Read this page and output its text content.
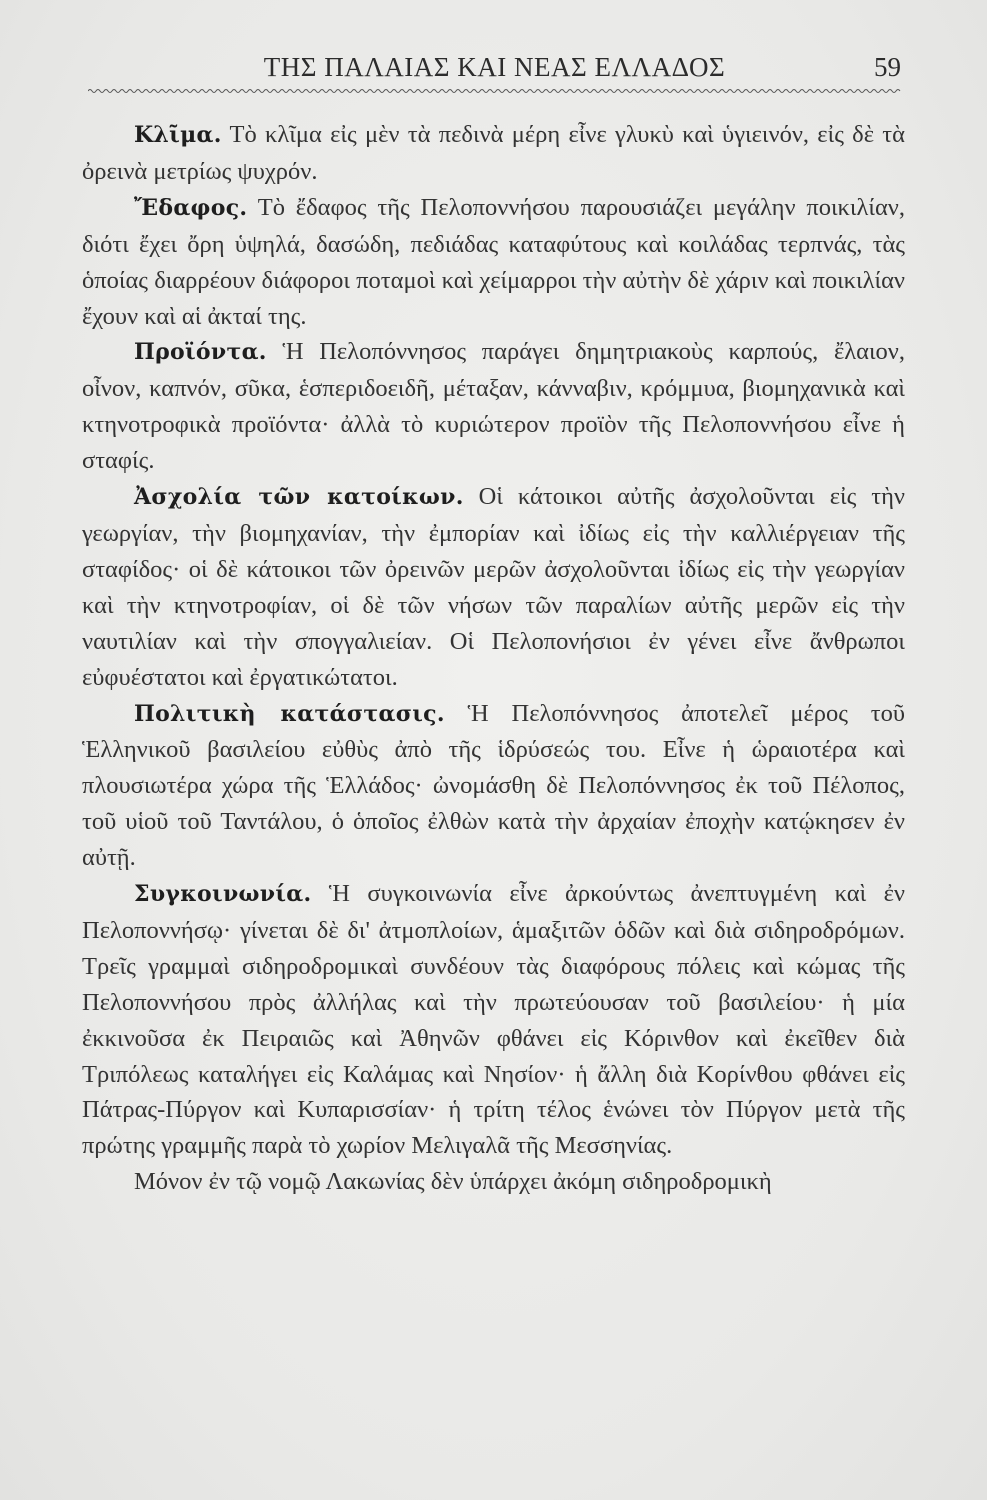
ΤΗΣ ΠΑΛΑΙΑΣ ΚΑΙ ΝΕΑΣ ΕΛΛΑΔΟΣ	59

Κλῖμα. Τὸ κλῖμα εἰς μὲν τὰ πεδινὰ μέρη εἶνε γλυκὺ καὶ ὑγιεινόν, εἰς δὲ τὰ ὀρεινὰ μετρίως ψυχρόν.

Ἔδαφος. Τὸ ἔδαφος τῆς Πελοποννήσου παρουσιάζει μεγάλην ποικιλίαν, διότι ἔχει ὄρη ὑψηλά, δασώδη, πεδιάδας καταφύτους καὶ κοιλάδας τερπνάς, τὰς ὁποίας διαρρέουν διάφοροι ποταμοὶ καὶ χείμαρροι τὴν αὐτὴν δὲ χάριν καὶ ποικιλίαν ἔχουν καὶ αἱ ἀκταί της.

Προϊόντα. Ἡ Πελοπόννησος παράγει δημητριακοὺς καρπούς, ἔλαιον, οἶνον, καπνόν, σῦκα, ἑσπεριδοειδῆ, μέταξαν, κάνναβιν, κρόμμυα, βιομηχανικὰ καὶ κτηνοτροφικὰ προϊόντα· ἀλλὰ τὸ κυριώτερον προϊὸν τῆς Πελοποννήσου εἶνε ἡ σταφίς.

Ἀσχολία τῶν κατοίκων. Οἱ κάτοικοι αὐτῆς ἀσχολοῦνται εἰς τὴν γεωργίαν, τὴν βιομηχανίαν, τὴν ἐμπορίαν καὶ ἰδίως εἰς τὴν καλλιέργειαν τῆς σταφίδος· οἱ δὲ κάτοικοι τῶν ὀρεινῶν μερῶν ἀσχολοῦνται ἰδίως εἰς τὴν γεωργίαν καὶ τὴν κτηνοτροφίαν, οἱ δὲ τῶν νήσων τῶν παραλίων αὐτῆς μερῶν εἰς τὴν ναυτιλίαν καὶ τὴν σπογγαλιείαν. Οἱ Πελοπονήσιοι ἐν γένει εἶνε ἄνθρωποι εὐφυέστατοι καὶ ἐργατικώτατοι.

Πολιτικὴ κατάστασις. Ἡ Πελοπόννησος ἀποτελεῖ μέρος τοῦ Ἑλληνικοῦ βασιλείου εὐθὺς ἀπὸ τῆς ἱδρύσεώς του. Εἶνε ἡ ὡραιοτέρα καὶ πλουσιωτέρα χώρα τῆς Ἑλλάδος· ὠνομάσθη δὲ Πελοπόννησος ἐκ τοῦ Πέλοπος, τοῦ υἱοῦ τοῦ Ταντάλου, ὁ ὁποῖος ἐλθὼν κατὰ τὴν ἀρχαίαν ἐποχὴν κατῴκησεν ἐν αὐτῇ.

Συγκοινωνία. Ἡ συγκοινωνία εἶνε ἀρκούντως ἀνεπτυγμένη καὶ ἐν Πελοποννήσῳ· γίνεται δὲ δι' ἀτμοπλοίων, ἁμαξιτῶν ὁδῶν καὶ διὰ σιδηροδρόμων. Τρεῖς γραμμαὶ σιδηροδρομικαὶ συνδέουν τὰς διαφόρους πόλεις καὶ κώμας τῆς Πελοποννήσου πρὸς ἀλλήλας καὶ τὴν πρωτεύουσαν τοῦ βασιλείου· ἡ μία ἐκκινοῦσα ἐκ Πειραιῶς καὶ Ἀθηνῶν φθάνει εἰς Κόρινθον καὶ ἐκεῖθεν διὰ Τριπόλεως καταλήγει εἰς Καλάμας καὶ Νησίον· ἡ ἄλλη διὰ Κορίνθου φθάνει εἰς Πάτρας-Πύργον καὶ Κυπαρισσίαν· ἡ τρίτη τέλος ἑνώνει τὸν Πύργον μετὰ τῆς πρώτης γραμμῆς παρὰ τὸ χωρίον Μελιγαλᾶ τῆς Μεσσηνίας.

Μόνον ἐν τῷ νομῷ Λακωνίας δὲν ὑπάρχει ἀκόμη σιδηροδρομικὴ
